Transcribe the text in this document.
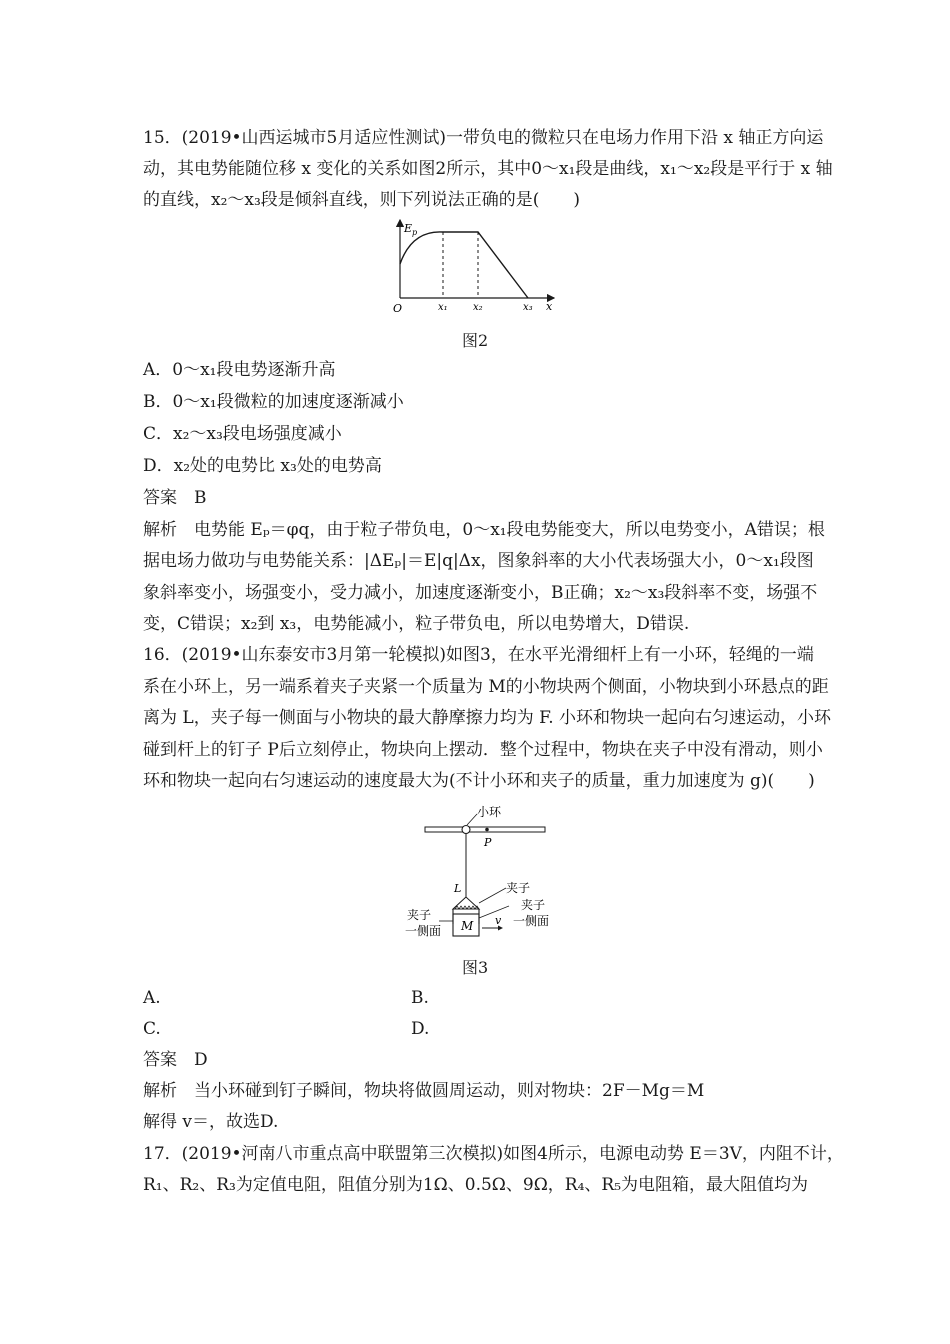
15．(2019•山西运城市5月适应性测试)一带负电的微粒只在电场力作用下沿 x 轴正方向运
动，其电势能随位移 x 变化的关系如图2所示，其中0～x₁段是曲线，x₁～x₂段是平行于 x 轴
的直线，x₂～x₃段是倾斜直线，则下列说法正确的是(　　)
$E_p$
O	x
x₁	x₂	x₃
图2
A．0～x₁段电势逐渐升高
B．0～x₁段微粒的加速度逐渐减小
C．x₂～x₃段电场强度减小
D．x₂处的电势比 x₃处的电势高
答案　B
解析　电势能 Eₚ＝φq，由于粒子带负电，0～x₁段电势能变大，所以电势变小，A错误；根
据电场力做功与电势能关系：|ΔEₚ|＝E|q|Δx，图象斜率的大小代表场强大小，0～x₁段图
象斜率变小，场强变小，受力减小，加速度逐渐变小，B正确；x₂～x₃段斜率不变，场强不
变，C错误；x₂到 x₃，电势能减小，粒子带负电，所以电势增大，D错误.
16．(2019•山东泰安市3月第一轮模拟)如图3，在水平光滑细杆上有一小环，轻绳的一端
系在小环上，另一端系着夹子夹紧一个质量为 M的小物块两个侧面，小物块到小环悬点的距
离为 L，夹子每一侧面与小物块的最大静摩擦力均为 F. 小环和物块一起向右匀速运动，小环
碰到杆上的钉子 P后立刻停止，物块向上摆动．整个过程中，物块在夹子中没有滑动，则小
环和物块一起向右匀速运动的速度最大为(不计小环和夹子的质量，重力加速度为 g)(　　)
小环
P
L
M
夹子
夹子
一侧面
夹子
一侧面
v
图3
A.	B.
C.	D.
答案　D
解析　当小环碰到钉子瞬间，物块将做圆周运动，则对物块：2F－Mg＝M
解得 v＝，故选D.
17．(2019•河南八市重点高中联盟第三次模拟)如图4所示，电源电动势 E＝3V，内阻不计，
R₁、R₂、R₃为定值电阻，阻值分别为1Ω、0.5Ω、9Ω，R₄、R₅为电阻箱，最大阻值均为
